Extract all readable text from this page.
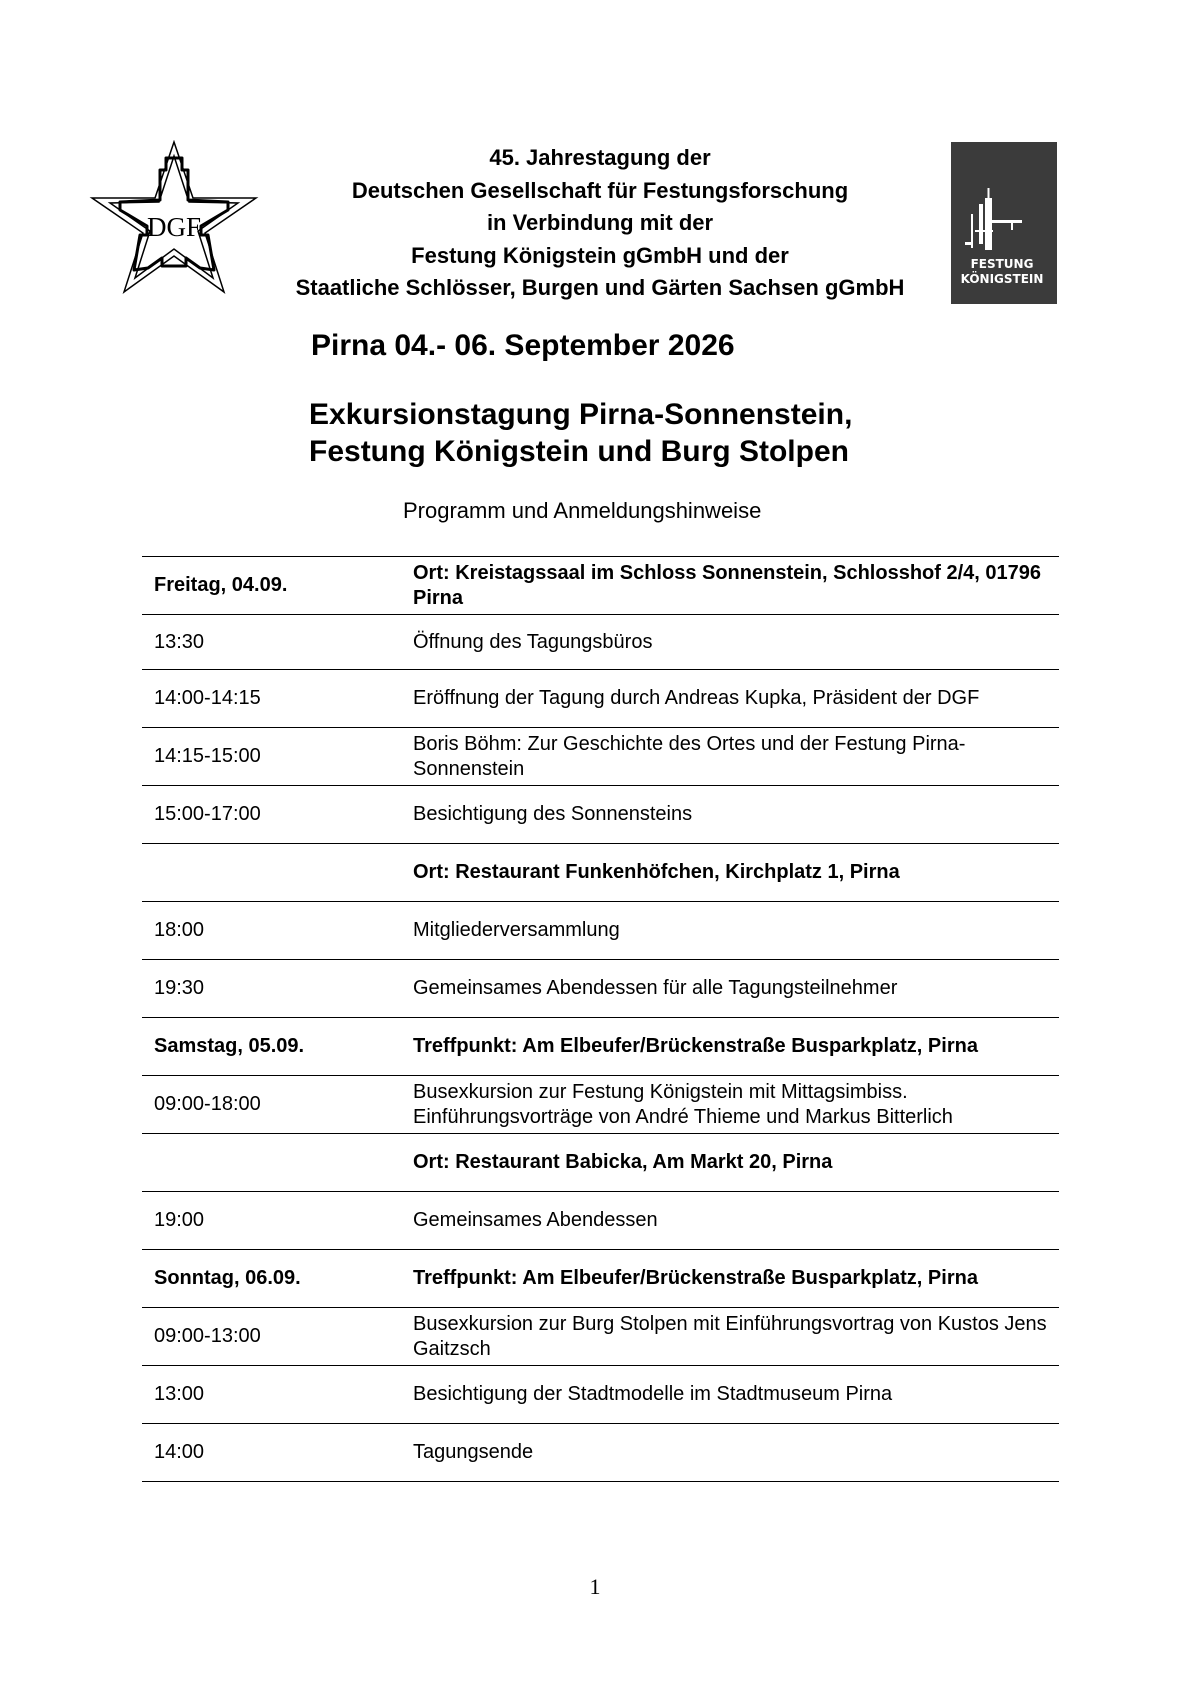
DGF
FESTUNG
KÖNIGSTEIN
45. Jahrestagung der
Deutschen Gesellschaft für Festungsforschung
in Verbindung mit der
Festung Königstein gGmbH und der
Staatliche Schlösser, Burgen und Gärten Sachsen gGmbH
Pirna 04.- 06. September 2026
Exkursionstagung Pirna-Sonnenstein,
Festung Königstein und Burg Stolpen
Programm und Anmeldungshinweise
Freitag, 04.09.	Ort: Kreistagssaal im Schloss Sonnenstein, Schlosshof 2/4, 01796 Pirna
13:30	Öffnung des Tagungsbüros
14:00-14:15	Eröffnung der Tagung durch Andreas Kupka, Präsident der DGF
14:15-15:00	Boris Böhm: Zur Geschichte des Ortes und der Festung Pirna-Sonnenstein
15:00-17:00	Besichtigung des Sonnensteins
	Ort: Restaurant Funkenhöfchen, Kirchplatz 1, Pirna
18:00	Mitgliederversammlung
19:30	Gemeinsames Abendessen für alle Tagungsteilnehmer
Samstag, 05.09.	Treffpunkt: Am Elbeufer/Brückenstraße Busparkplatz, Pirna
09:00-18:00	Busexkursion zur Festung Königstein mit Mittagsimbiss. Einführungsvorträge von André Thieme und Markus Bitterlich
	Ort: Restaurant Babicka, Am Markt 20, Pirna
19:00	Gemeinsames Abendessen
Sonntag, 06.09.	Treffpunkt: Am Elbeufer/Brückenstraße Busparkplatz, Pirna
09:00-13:00	Busexkursion zur Burg Stolpen mit Einführungsvortrag von Kustos Jens Gaitzsch
13:00	Besichtigung der Stadtmodelle im Stadtmuseum Pirna
14:00	Tagungsende
1
